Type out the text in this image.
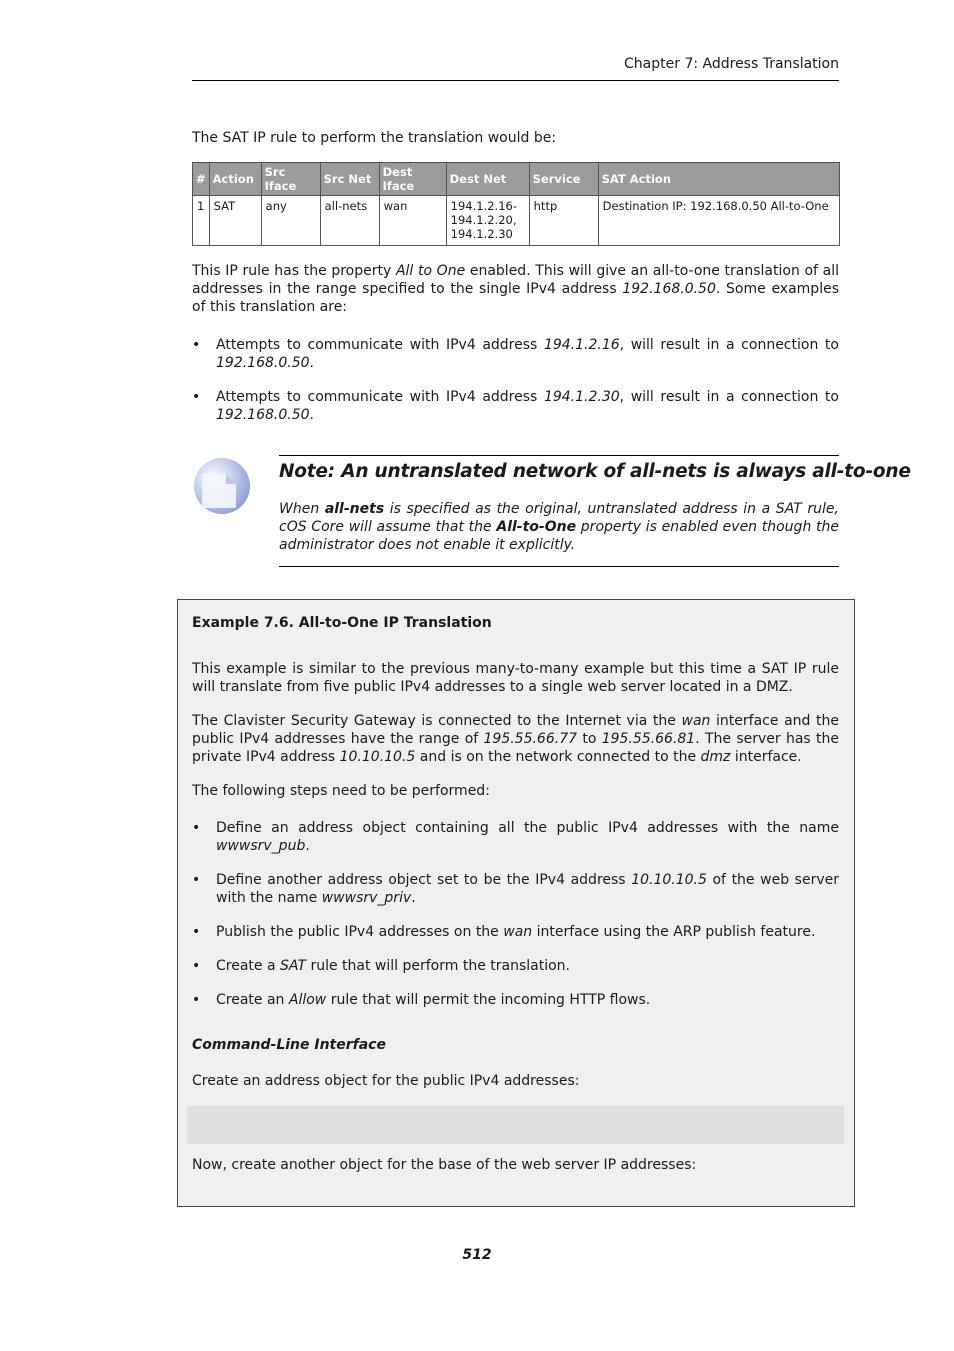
Chapter 7: Address Translation
The SAT IP rule to perform the translation would be:
#	Action	Src Iface	Src Net	Dest Iface	Dest Net	Service	SAT Action
1	SAT	any	all-nets	wan	194.1.2.16-
194.1.2.20,
194.1.2.30	http	Destination IP: 192.168.0.50 All-to-One

This IP rule has the property All to One enabled. This will give an all-to-one translation of all addresses in the range specified to the single IPv4 address 192.168.0.50. Some examples of this translation are:

• Attempts to communicate with IPv4 address 194.1.2.16, will result in a connection to 192.168.0.50.
• Attempts to communicate with IPv4 address 194.1.2.30, will result in a connection to 192.168.0.50.
Note: An untranslated network of all-nets is always all-to-one
When all-nets is specified as the original, untranslated address in a SAT rule, cOS Core will assume that the All-to-One property is enabled even though the administrator does not enable it explicitly.
Example 7.6. All-to-One IP Translation

This example is similar to the previous many-to-many example but this time a SAT IP rule will translate from five public IPv4 addresses to a single web server located in a DMZ.

The Clavister Security Gateway is connected to the Internet via the wan interface and the public IPv4 addresses have the range of 195.55.66.77 to 195.55.66.81. The server has the private IPv4 address 10.10.10.5 and is on the network connected to the dmz interface.

The following steps need to be performed:

• Define an address object containing all the public IPv4 addresses with the name wwwsrv_pub.
• Define another address object set to be the IPv4 address 10.10.10.5 of the web server with the name wwwsrv_priv.
• Publish the public IPv4 addresses on the wan interface using the ARP publish feature.
• Create a SAT rule that will perform the translation.
• Create an Allow rule that will permit the incoming HTTP flows.
Command-Line Interface

Create an address object for the public IPv4 addresses:

Now, create another object for the base of the web server IP addresses:

512
